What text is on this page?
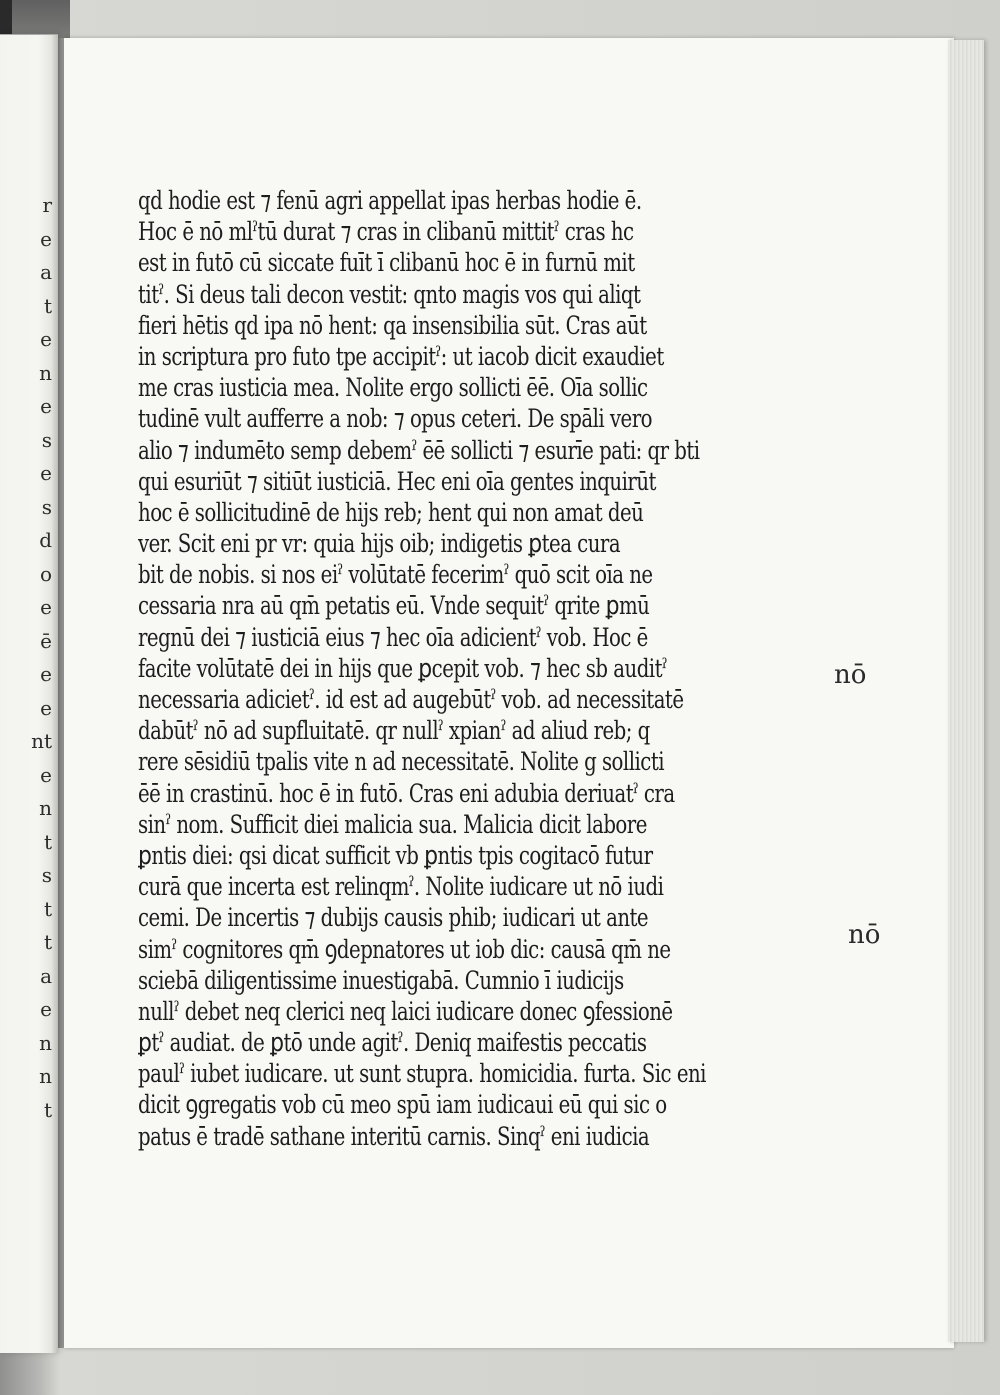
r
e
a
t
e
n
e
s
e
s
d
o
e
ē
e
e
nt
e
n
t
s
t
t
a
e
n
n
t
qd hodie est ⁊ fenū agri appellat ipas herbas hodie ē.
Hoc ē nō mlˀtū durat ⁊ cras in clibanū mittitˀ cras hc
est in futō cū siccate fuīt ī clibanū hoc ē in furnū mit
titˀ. Si deus tali decon vestit: qnto magis vos qui aliqt
fieri hētis qd ipa nō hent: qa insensibilia sūt. Cras aūt
in scriptura pro futo tpe accipitˀ: ut iacob dicit exaudiet
me cras iusticia mea. Nolite ergo sollicti ēē. Oīa sollic
tudinē vult aufferre a nob: ⁊ opus ceteri. De spāli vero
alio ⁊ indumēto semp debemˀ ēē sollicti ⁊ esurīe pati: qr bti
qui esuriūt ⁊ sitiūt iusticiā. Hec eni oīa gentes inquirūt
hoc ē sollicitudinē de hijs reb; hent qui non amat deū
ver. Scit eni pr vr: quia hijs oib; indigetis ꝑtea cura
bit de nobis. si nos eiˀ volūtatē fecerimˀ quō scit oīa ne
cessaria nra aū qm̄ petatis eū. Vnde sequitˀ qrite ꝑmū
regnū dei ⁊ iusticiā eius ⁊ hec oīa adicientˀ vob. Hoc ē
facite volūtatē dei in hijs que ꝑcepit vob. ⁊ hec sb auditˀ
necessaria adicietˀ. id est ad augebūtˀ vob. ad necessitatē
dabūtˀ nō ad supfluitatē. qr nullˀ xpianˀ ad aliud reb; q
rere sēsidiū tpalis vite n ad necessitatē. Nolite g sollicti
ēē in crastinū. hoc ē in futō. Cras eni adubia deriuatˀ cra
sinˀ nom. Sufficit diei malicia sua. Malicia dicit labore
ꝑntis diei: qsi dicat sufficit vb ꝑntis tpis cogitacō futur
curā que incerta est relinqmˀ. Nolite iudicare ut nō iudi
cemi. De incertis ⁊ dubijs causis phib; iudicari ut ante
simˀ cognitores qm̄ ꝯdepnatores ut iob dic: causā qm̄ ne
sciebā diligentissime inuestigabā. Cumnio ī iudicijs
nullˀ debet neq clerici neq laici iudicare donec ꝯfessionē
ꝑtˀ audiat. de ꝑtō unde agitˀ. Deniq maifestis peccatis
paulˀ iubet iudicare. ut sunt stupra. homicidia. furta. Sic eni
dicit ꝯgregatis vob cū meo spū iam iudicaui eū qui sic o
patus ē tradē sathane interitū carnis. Sinqˀ eni iudicia
nō
nō
